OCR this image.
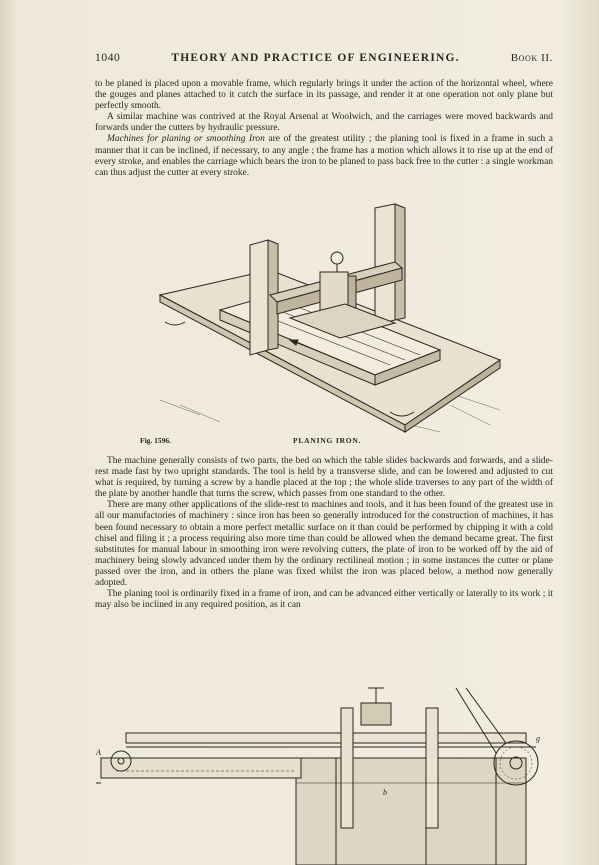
1040	THEORY AND PRACTICE OF ENGINEERING.	Book II.

to be planed is placed upon a movable frame, which regularly brings it under the action of the horizontal wheel, where the gouges and planes attached to it catch the surface in its passage, and render it at one operation not only plane but perfectly smooth.

A similar machine was contrived at the Royal Arsenal at Woolwich, and the carriages were moved backwards and forwards under the cutters by hydraulic pressure.

Machines for planing or smoothing Iron are of the greatest utility ; the planing tool is fixed in a frame in such a manner that it can be inclined, if necessary, to any angle ; the frame has a motion which allows it to rise up at the end of every stroke, and enables the carriage which bears the iron to be planed to pass back free to the cutter : a single workman can thus adjust the cutter at every stroke.

Fig. 1596.	PLANING IRON.

The machine generally consists of two parts, the bed on which the table slides backwards and forwards, and a slide-rest made fast by two upright standards. The tool is held by a transverse slide, and can be lowered and adjusted to cut what is required, by turning a screw by a handle placed at the top ; the whole slide traverses to any part of the width of the plate by another handle that turns the screw, which passes from one standard to the other.

There are many other applications of the slide-rest to machines and tools, and it has been found of the greatest use in all our manufactories of machinery : since iron has been so generally introduced for the construction of machines, it has been found necessary to obtain a more perfect metallic surface on it than could be performed by chipping it with a cold chisel and filing it ; a process requiring also more time than could be allowed when the demand became great. The first substitutes for manual labour in smoothing iron were revolving cutters, the plate of iron to be worked off by the aid of machinery being slowly advanced under them by the ordinary rectilineal motion ; in some instances the cutter or plane passed over the iron, and in others the plane was fixed whilst the iron was placed below, a method now generally adopted.

The planing tool is ordinarily fixed in a frame of iron, and can be advanced either vertically or laterally to its work ; it may also be inclined in any required position, as it can

A
b
g
